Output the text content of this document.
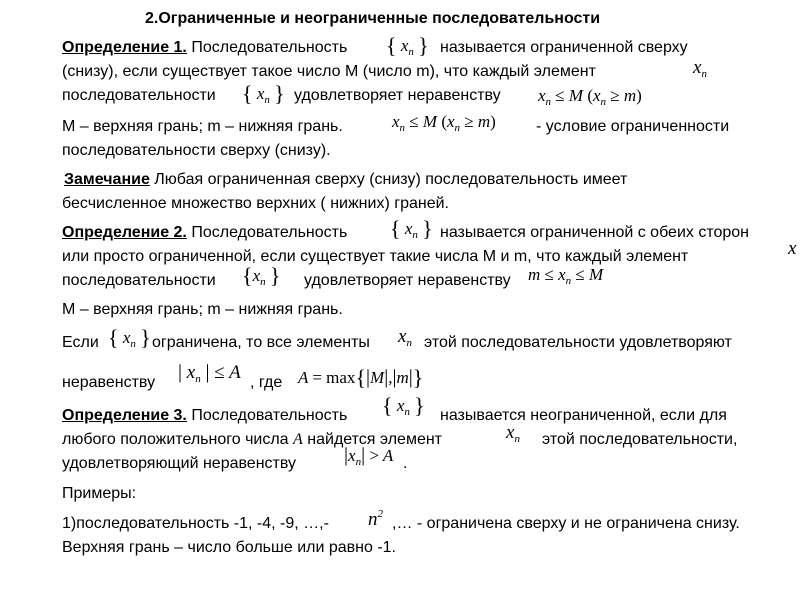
2.Ограниченные и неограниченные последовательности
Определение 1. Последовательность { $x_n$ } называется ограниченной сверху
(снизу), если существует такое число М (число m), что каждый элемент	$x_n$
последовательности { $x_n$ } удовлетворяет неравенству $x_n \le M$ $(x_n \ge m)$
М – верхняя грань; m – нижняя грань.	$x_n \le M$ $(x_n \ge m)$	- условие ограниченности
последовательности сверху (снизу).
Замечание Любая ограниченная сверху (снизу) последовательность имеет
бесчисленное множество верхних ( нижних) граней.
Определение 2. Последовательность { $x_n$ } называется ограниченной с обеих сторон
или просто ограниченной, если существует такие числа М и m, что каждый элемент	x
последовательности {$x_n$ } удовлетворяет неравенству $m \le x_n \le M$
М – верхняя грань; m – нижняя грань.
Если { $x_n$ } ограничена, то все элементы $x_n$ этой последовательности удовлетворяют
неравенству | $x_n$ | ≤ A , где A = max{|M|,|m|}
Определение 3. Последовательность { $x_n$ } называется неограниченной, если для
любого положительного числа A найдется элемент	$x_n$ этой последовательности,
удовлетворяющий неравенству $|x_n| > A$ .
Примеры:
1)последовательность -1, -4, -9, …,- $n^2$
,… - ограничена сверху и не ограничена снизу.
Верхняя грань – число больше или равно -1.
